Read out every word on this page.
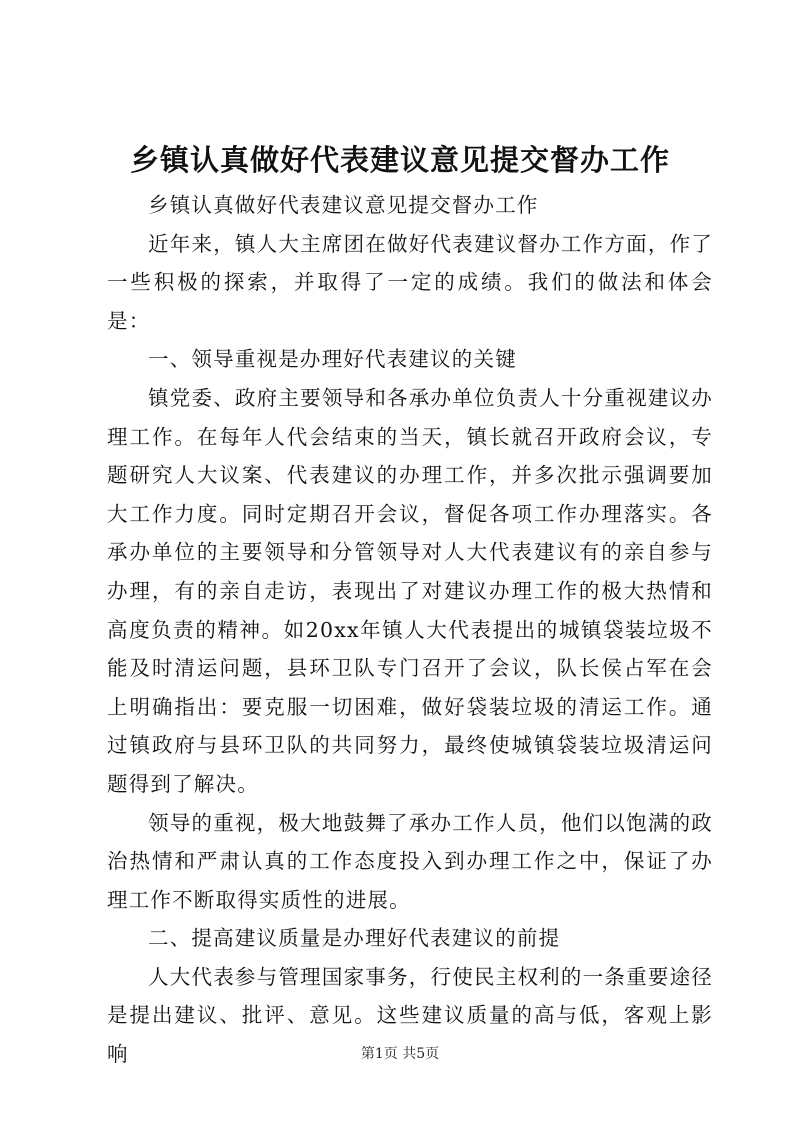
乡镇认真做好代表建议意见提交督办工作

乡镇认真做好代表建议意见提交督办工作

近年来，镇人大主席团在做好代表建议督办工作方面，作了一些积极的探索，并取得了一定的成绩。我们的做法和体会是：

一、领导重视是办理好代表建议的关键

镇党委、政府主要领导和各承办单位负责人十分重视建议办理工作。在每年人代会结束的当天，镇长就召开政府会议，专题研究人大议案、代表建议的办理工作，并多次批示强调要加大工作力度。同时定期召开会议，督促各项工作办理落实。各承办单位的主要领导和分管领导对人大代表建议有的亲自参与办理，有的亲自走访，表现出了对建议办理工作的极大热情和高度负责的精神。如20xx年镇人大代表提出的城镇袋装垃圾不能及时清运问题，县环卫队专门召开了会议，队长侯占军在会上明确指出：要克服一切困难，做好袋装垃圾的清运工作。通过镇政府与县环卫队的共同努力，最终使城镇袋装垃圾清运问题得到了解决。

领导的重视，极大地鼓舞了承办工作人员，他们以饱满的政治热情和严肃认真的工作态度投入到办理工作之中，保证了办理工作不断取得实质性的进展。

二、提高建议质量是办理好代表建议的前提

人大代表参与管理国家事务，行使民主权利的一条重要途径是提出建议、批评、意见。这些建议质量的高与低，客观上影响	第1页 共5页
